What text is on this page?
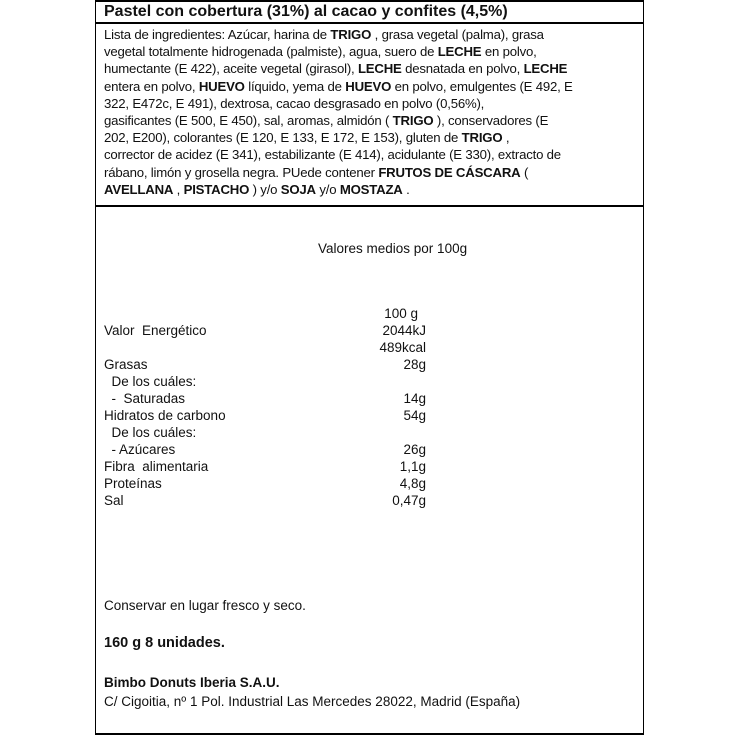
Pastel con cobertura (31%) al cacao y confites (4,5%)
Lista de ingredientes: Azúcar, harina de TRIGO , grasa vegetal (palma), grasa
vegetal totalmente hidrogenada (palmiste), agua, suero de LECHE en polvo,
humectante (E 422), aceite vegetal (girasol), LECHE desnatada en polvo, LECHE
entera en polvo, HUEVO líquido, yema de HUEVO en polvo, emulgentes (E 492, E
322, E472c, E 491), dextrosa, cacao desgrasado en polvo (0,56%),
gasificantes (E 500, E 450), sal, aromas, almidón ( TRIGO ), conservadores (E
202, E200), colorantes (E 120, E 133, E 172, E 153), gluten de TRIGO ,
corrector de acidez (E 341), estabilizante (E 414), acidulante (E 330), extracto de
rábano, limón y grosella negra. PUede contener FRUTOS DE CÁSCARA (
AVELLANA , PISTACHO ) y/o SOJA y/o MOSTAZA .
Valores medios por 100g
100 g
Valor  Energético	2044kJ
489kcal
Grasas	28g
De los cuáles:
-  Saturadas	14g
Hidratos de carbono	54g
De los cuáles:
- Azúcares	26g
Fibra  alimentaria	1,1g
Proteínas	4,8g
Sal	0,47g
Conservar en lugar fresco y seco.
160 g 8 unidades.
Bimbo Donuts Iberia S.A.U.
C/ Cigoitia, nº 1 Pol. Industrial Las Mercedes 28022, Madrid (España)
